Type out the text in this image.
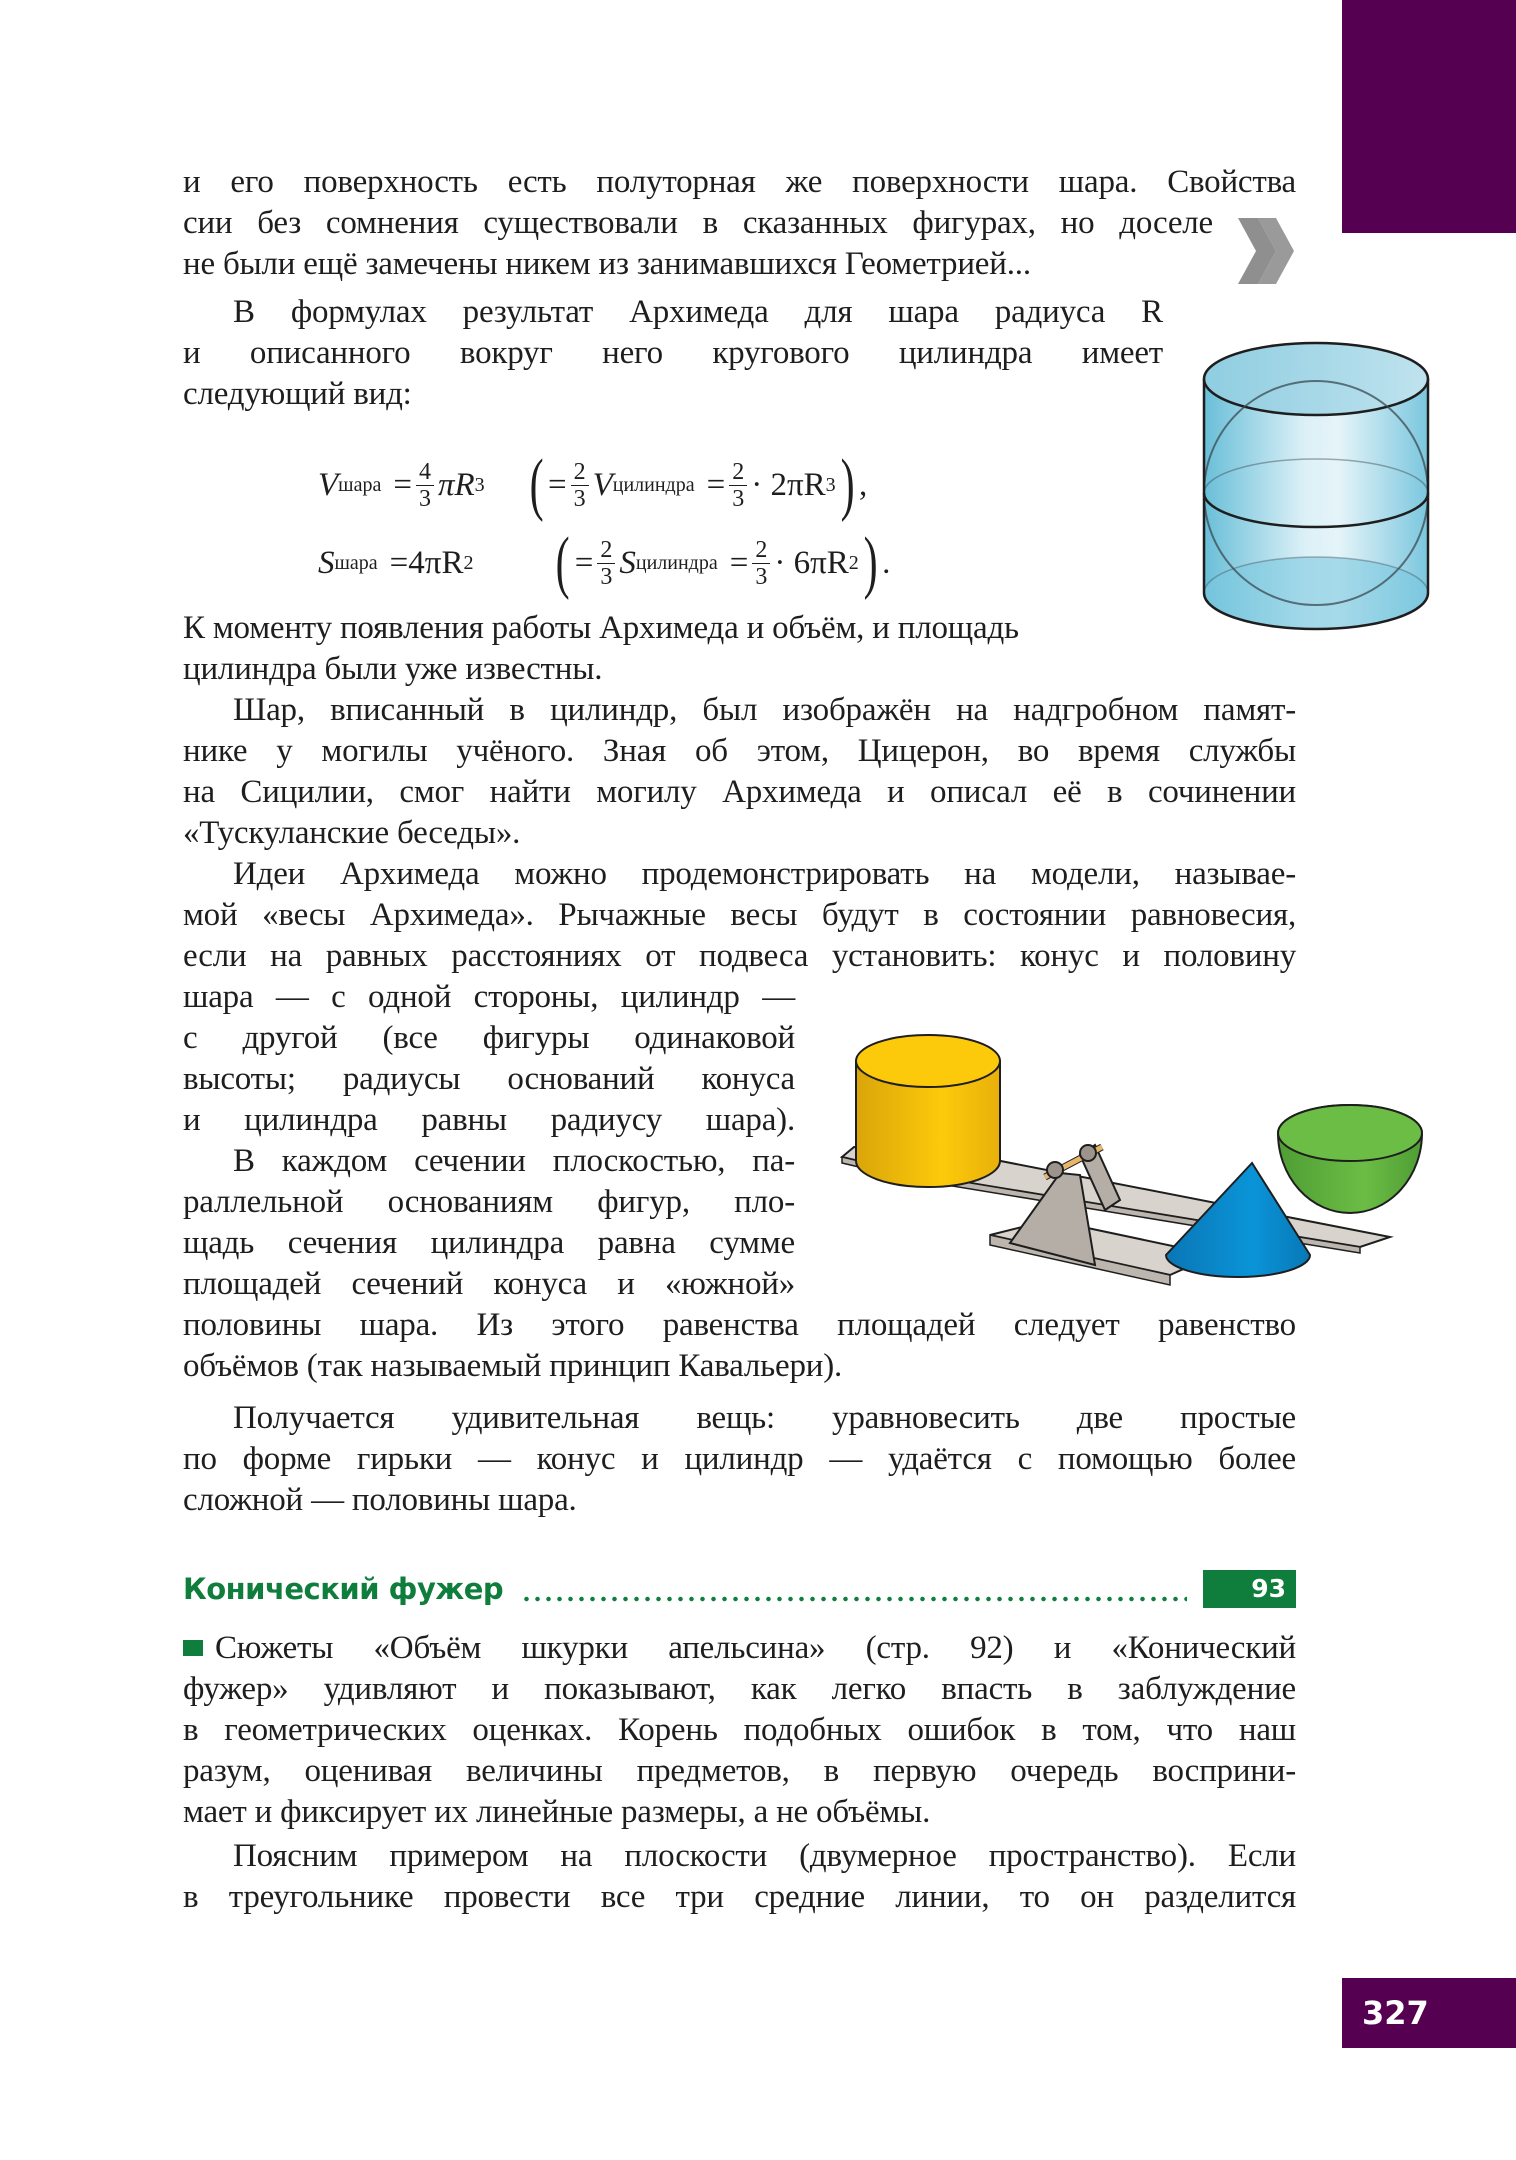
и его поверхность есть полуторная же поверхности шара. Свойства
сии без сомнения существовали в сказанных фигурах, но доселе
не были ещё замечены никем из занимавшихся Геометрией...
В формулах результат Архимеда для шара радиуса R
и описанного вокруг него кругового цилиндра имеет
следующий вид:
V шара = $\frac{4}{3}$ πR 3 ( = $\frac{2}{3}$ V цилиндра = $\frac{2}{3} \cdot 2\pi R$ 3 ) ,
S шара = 4πR 2 ( = $\frac{2}{3}$ S цилиндра = $\frac{2}{3} \cdot 6\pi R$ 2 ) .
К моменту появления работы Архимеда и объём, и площадь
цилиндра были уже известны.
Шар, вписанный в цилиндр, был изображён на надгробном памят-
нике у могилы учёного. Зная об этом, Цицерон, во время службы
на Сицилии, смог найти могилу Архимеда и описал её в сочинении
«Тускуланские беседы».
Идеи Архимеда можно продемонстрировать на модели, называе-
мой «весы Архимеда». Рычажные весы будут в состоянии равновесия,
если на равных расстояниях от подвеса установить: конус и половину
шара — с одной стороны, цилиндр —
с другой (все фигуры одинаковой
высоты; радиусы оснований конуса
и цилиндра равны радиусу шара).
В каждом сечении плоскостью, па-
раллельной основаниям фигур, пло-
щадь сечения цилиндра равна сумме
площадей сечений конуса и «южной»
половины шара. Из этого равенства площадей следует равенство
объёмов (так называемый принцип Кавальери).
Получается удивительная вещь: уравновесить две простые
по форме гирьки — конус и цилиндр — удаётся с помощью более
сложной — половины шара.
Конический фужер	93
Сюжеты «Объём шкурки апельсина» (стр. 92) и «Конический
фужер» удивляют и показывают, как легко впасть в заблуждение
в геометрических оценках. Корень подобных ошибок в том, что наш
разум, оценивая величины предметов, в первую очередь восприни-
мает и фиксирует их линейные размеры, а не объёмы.
Поясним примером на плоскости (двумерное пространство). Если
в треугольнике провести все три средние линии, то он разделится
327
